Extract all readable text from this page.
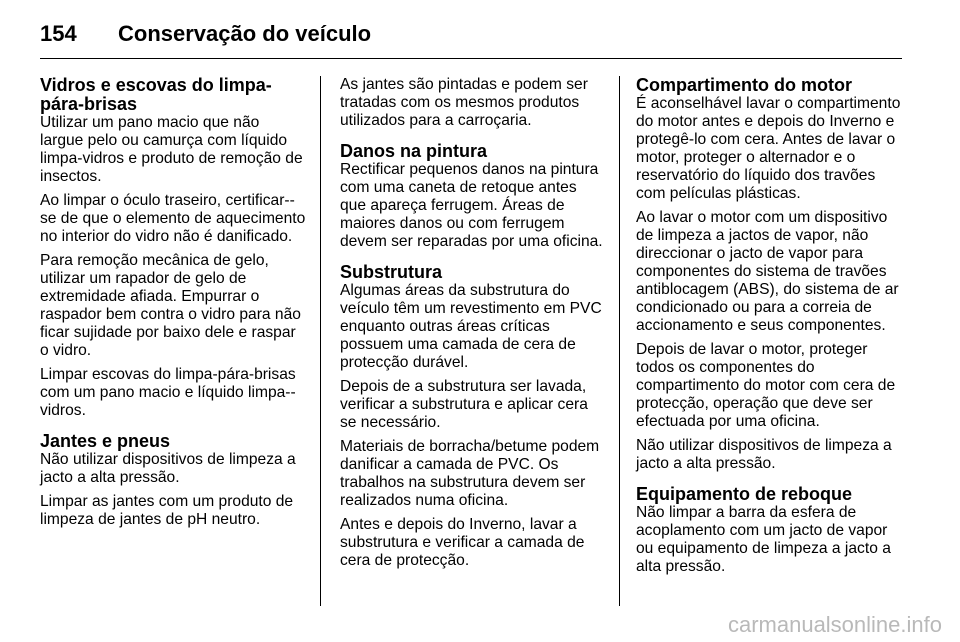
154	Conservação do veículo
Vidros e escovas do limpa-pára-brisas

Utilizar um pano macio que não largue pelo ou camurça com líquido limpa-vidros e produto de remoção de insectos.

Ao limpar o óculo traseiro, certificar--se de que o elemento de aquecimento no interior do vidro não é danificado.

Para remoção mecânica de gelo, utilizar um rapador de gelo de extremidade afiada. Empurrar o raspador bem contra o vidro para não ficar sujidade por baixo dele e raspar o vidro.

Limpar escovas do limpa-pára-brisas com um pano macio e líquido limpa--vidros.

Jantes e pneus

Não utilizar dispositivos de limpeza a jacto a alta pressão.

Limpar as jantes com um produto de limpeza de jantes de pH neutro.

As jantes são pintadas e podem ser tratadas com os mesmos produtos utilizados para a carroçaria.

Danos na pintura

Rectificar pequenos danos na pintura com uma caneta de retoque antes que apareça ferrugem. Áreas de maiores danos ou com ferrugem devem ser reparadas por uma oficina.

Substrutura

Algumas áreas da substrutura do veículo têm um revestimento em PVC enquanto outras áreas críticas possuem uma camada de cera de protecção durável.

Depois de a substrutura ser lavada, verificar a substrutura e aplicar cera se necessário.

Materiais de borracha/betume podem danificar a camada de PVC. Os trabalhos na substrutura devem ser realizados numa oficina.

Antes e depois do Inverno, lavar a substrutura e verificar a camada de cera de protecção.

Compartimento do motor

É aconselhável lavar o compartimento do motor antes e depois do Inverno e protegê-lo com cera. Antes de lavar o motor, proteger o alternador e o reservatório do líquido dos travões com películas plásticas.

Ao lavar o motor com um dispositivo de limpeza a jactos de vapor, não direccionar o jacto de vapor para componentes do sistema de travões antiblocagem (ABS), do sistema de ar condicionado ou para a correia de accionamento e seus componentes.

Depois de lavar o motor, proteger todos os componentes do compartimento do motor com cera de protecção, operação que deve ser efectuada por uma oficina.

Não utilizar dispositivos de limpeza a jacto a alta pressão.

Equipamento de reboque

Não limpar a barra da esfera de acoplamento com um jacto de vapor ou equipamento de limpeza a jacto a alta pressão.

carmanualsonline.info
